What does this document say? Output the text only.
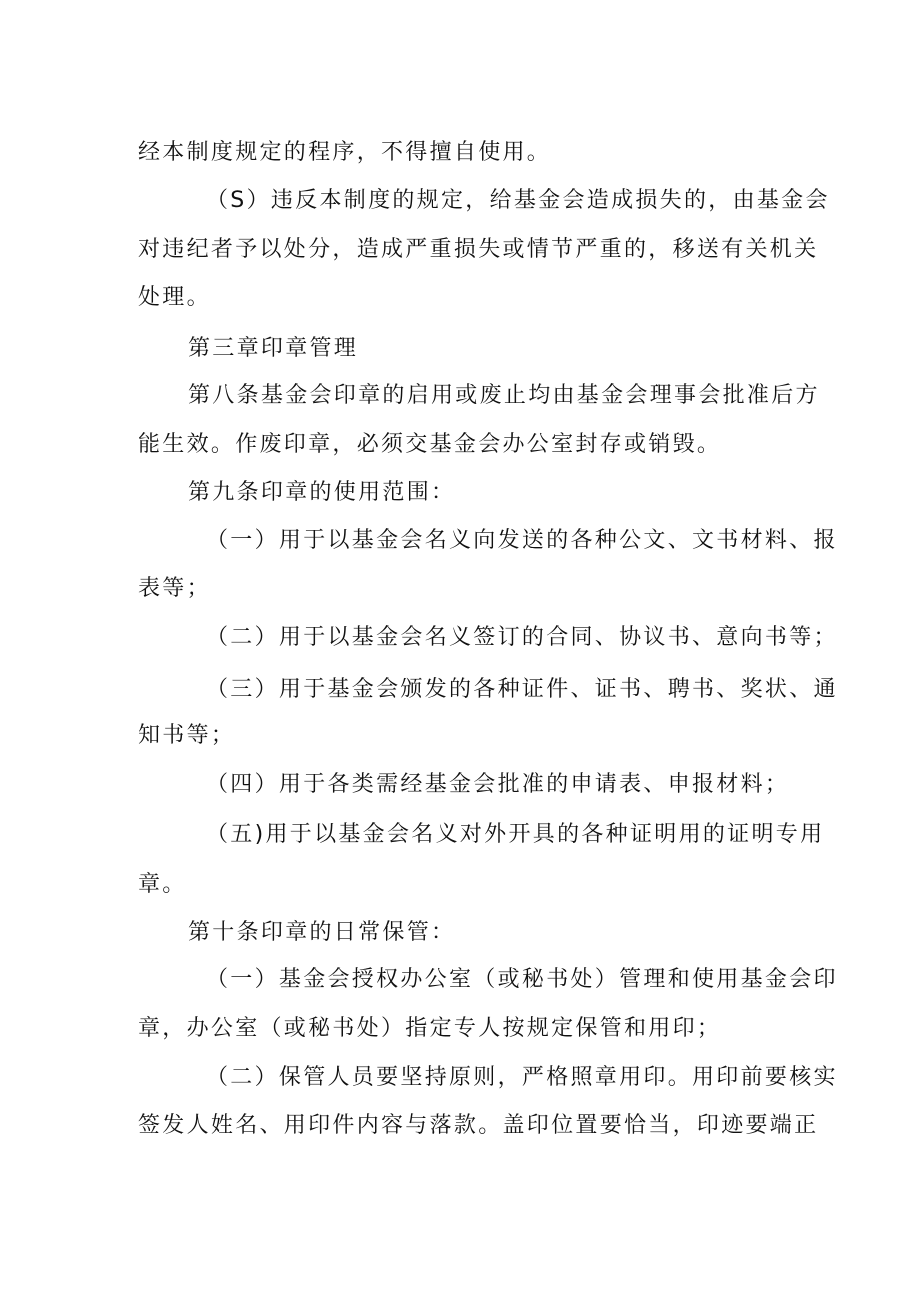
经本制度规定的程序，不得擅自使用。
（S）违反本制度的规定，给基金会造成损失的，由基金会
对违纪者予以处分，造成严重损失或情节严重的，移送有关机关
处理。
第三章印章管理
第八条基金会印章的启用或废止均由基金会理事会批准后方
能生效。作废印章，必须交基金会办公室封存或销毁。
第九条印章的使用范围：
（一）用于以基金会名义向发送的各种公文、文书材料、报
表等；
（二）用于以基金会名义签订的合同、协议书、意向书等；
（三）用于基金会颁发的各种证件、证书、聘书、奖状、通
知书等；
（四）用于各类需经基金会批准的申请表、申报材料；
（五)用于以基金会名义对外开具的各种证明用的证明专用
章。
第十条印章的日常保管：
（一）基金会授权办公室（或秘书处）管理和使用基金会印
章，办公室（或秘书处）指定专人按规定保管和用印；
（二）保管人员要坚持原则，严格照章用印。用印前要核实
签发人姓名、用印件内容与落款。盖印位置要恰当，印迹要端正
